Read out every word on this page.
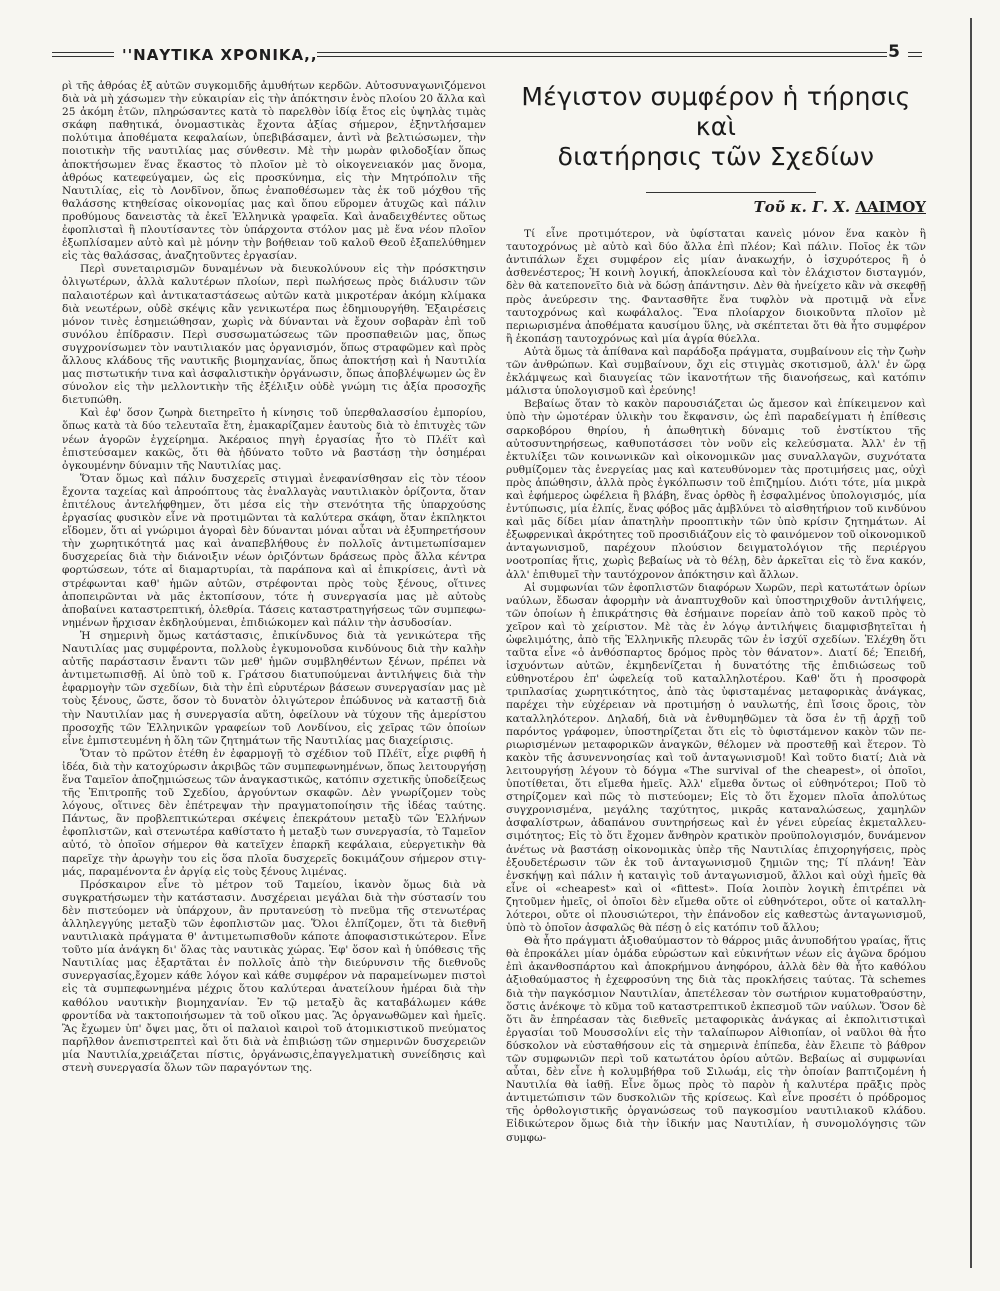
''ΝΑΥΤΙΚΑ ΧΡΟΝΙΚΑ,,	5

ρὶ τῆς ἀθρόας ἐξ αὐτῶν συγκομιδῆς ἀμυθήτων κερδῶν. Αὐτοσυναγωνιζόμενοι διὰ νὰ μὴ χάσωμεν τὴν εὐκαιρίαν εἰς τὴν ἀπόκτησιν ἑνὸς πλοίου 20 ἄλλα καὶ 25 ἀκόμη ἐτῶν, πληρώσαντες κατὰ τὸ παρελθὸν ἰδίᾳ ἔτος εἰς ὑψηλὰς τιμὰς σκάφη παθητικά, ὀνομαστικὰς ἔχοντα ἀξίας σήμερον, ἐξηντλήσαμεν πολύτιμα ἀποθέματα κεφαλαίων, ὑπεβιβάσαμεν, ἀντὶ νὰ βελτιώσωμεν, τὴν ποιοτικὴν τῆς ναυτιλίας μας σύνθεσιν. Μὲ τὴν μωρὰν φιλοδοξίαν ὅπως ἀποκτήσωμεν ἕνας ἕκαστος τὸ πλοῖον μὲ τὸ οἰκογενειακόν μας ὄνομα, ἀθρόως κατεφεύγαμεν, ὡς εἰς προσκύνημα, εἰς τὴν Μητρόπολιν τῆς Ναυτιλίας, εἰς τὸ Λονδῖνον, ὅπως ἐναποθέσωμεν τὰς ἐκ τοῦ μόχθου τῆς θαλάσσης κτηθείσας οἰκονομίας μας καὶ ὅπου εὕρομεν ἀτυχῶς καὶ πάλιν προθύμους δανειστὰς τὰ ἐκεῖ Ἑλληνικὰ γραφεῖα. Καὶ ἀναδειχθέντες οὕτως ἐφοπλισταὶ ἢ πλουτίσαντες τὸν ὑπάρχοντα στόλον μας μὲ ἕνα νέον πλοῖον ἐξωπλίσαμεν αὐτὸ καὶ μὲ μόνην τὴν βοήθειαν τοῦ καλοῦ Θεοῦ ἐξαπελύθημεν εἰς τὰς θαλάσσας, ἀναζητοῦντες ἐργασίαν.

Περὶ συνεταιρισμῶν δυναμένων νὰ διευκολύνουν εἰς τὴν πρόσκτησιν ὀλιγωτέρων, ἀλλὰ καλυτέρων πλοίων, περὶ πωλήσεως πρὸς διάλυσιν τῶν παλαιοτέρων καὶ ἀντικαταστάσεως αὐτῶν κατὰ μικροτέραν ἀκόμη κλίμακα διὰ νεωτέρων, οὐδὲ σκέψις κἂν γενικωτέρα πως ἐδημιουργήθη. Ἐξαιρέσεις μόνον τινὲς ἐσημειώθησαν, χωρὶς νὰ δύνανται νὰ ἔχουν σοβαρὰν ἐπὶ τοῦ συνόλου ἐπίδρασιν. Περὶ συσσωματώσεως τῶν προσπαθειῶν μας, ὅπως συγχρονίσωμεν τὸν ναυτιλιακόν μας ὀργανισμόν, ὅπως στραφῶμεν καὶ πρὸς ἄλλους κλάδους τῆς ναυτικῆς βιομηχανίας, ὅπως ἀποκτήσῃ καὶ ἡ Ναυτιλία μας πιστωτικήν τινα καὶ ἀσφαλιστικὴν ὀργάνωσιν, ὅπως ἀποβλέψωμεν ὡς ἓν σύνολον εἰς τὴν μελλοντικὴν τῆς ἐξέλιξιν οὐδὲ γνώμη τις ἀξία προσοχῆς διετυπώθη.

Καὶ ἐφ' ὅσον ζωηρὰ διετηρεῖτο ἡ κίνησις τοῦ ὑπερθαλασσίου ἐμπορίου, ὅπως κατὰ τὰ δύο τελευταῖα ἔτη, ἐμακαρίζαμεν ἑαυτοὺς διὰ τὸ ἐπιτυχὲς τῶν νέων ἀγορῶν ἐγχείρημα. Ἀκέραιος πηγὴ ἐργασίας ἦτο τὸ Πλέϊτ καὶ ἐπιστεύσαμεν κακῶς, ὅτι θὰ ἠδύνατο τοῦτο νὰ βαστάσῃ τὴν ὁσημέραι ὀγκουμένην δύναμιν τῆς Ναυτιλίας μας.

Ὅταν ὅμως καὶ πάλιν δυσχερεῖς στιγμαὶ ἐνεφανίσθησαν εἰς τὸν τέοον ἔχοντα ταχείας καὶ ἀπροόπτους τὰς ἐναλλαγὰς ναυτιλιακὸν ὁρίζοντα, ὅταν ἐπιτέλους ἀντελήφθημεν, ὅτι μέσα εἰς τὴν στενότητα τῆς ὑπαρχούσης ἐργασίας φυσικὸν εἶνε νὰ προτιμῶνται τὰ καλύτερα σκάφη, ὅταν ἐκπληκτοι εἴδομεν, ὅτι αἱ γνώριμοι ἀγοραὶ δὲν δύνανται μόναι αὗται νὰ ἐξυπηρετήσουν τὴν χωρητικότητά μας καὶ ἀναπεβλήθους ἐν πολλοῖς ἀντιμετωπίσαμεν δυσχερείας διὰ τὴν διάνοιξιν νέων ὁριζόντων δράσεως πρὸς ἄλλα κέντρα φορτώσεων, τότε αἱ διαμαρτυρίαι, τὰ παράπονα καὶ αἱ ἐπικρίσεις, ἀντὶ νὰ στρέφωνται καθ' ἡμῶν αὐτῶν, στρέφονται πρὸς τοὺς ξένους, οἵτινες ἀποπειρῶνται νὰ μᾶς ἐκτοπίσουν, τότε ἡ συνεργασία μας μὲ αὐτοὺς ἀποβαίνει καταστρεπτική, ὀλεθρία. Τάσεις καταστρατηγήσεως τῶν συμπεφωνημένων ἤρχισαν ἐκδηλούμεναι, ἐπιδιώκομεν καὶ πάλιν τὴν ἀσυδοσίαν.

Ἡ σημερινὴ ὅμως κατάστασις, ἐπικίνδυνος διὰ τὰ γενικώτερα τῆς Ναυτιλίας μας συμφέροντα, πολλοὺς ἐγκυμονοῦσα κινδύνους διὰ τὴν καλὴν αὐτῆς παράστασιν ἔναντι τῶν μεθ' ἡμῶν συμβληθέντων ξένων, πρέπει νὰ ἀντιμετωπισθῇ. Αἱ ὑπὸ τοῦ κ. Γράτσου διατυπούμεναι ἀντιλήψεις διὰ τὴν ἐφαρμογὴν τῶν σχεδίων, διὰ τὴν ἐπὶ εὐρυτέρων βάσεων συνεργασίαν μας μὲ τοὺς ξένους, ὥστε, ὅσον τὸ δυνατὸν ὀλιγώτερον ἐπώδυνος νὰ καταστῇ διὰ τὴν Ναυτιλίαν μας ἡ συνεργασία αὕτη, ὀφείλουν νὰ τύχουν τῆς ἀμερίστου προσοχῆς τῶν Ἑλληνικῶν γραφείων τοῦ Λονδίνου, εἰς χεῖρας τῶν ὁποίων εἶνε ἐμπιστευμένη ἡ ὅλη τῶν ζητημάτων τῆς Ναυτιλίας μας διαχείρισις.

Ὅταν τὸ πρῶτον ἐτέθη ἐν ἐφαρμογῇ τὸ σχέδιον τοῦ Πλέϊτ, εἶχε ριφθῆ ἡ ἰδέα, διὰ τὴν κατοχύρωσιν ἀκριβῶς τῶν συμπεφωνημένων, ὅπως λειτουργήσῃ ἕνα Ταμεῖον ἀποζημιώσεως τῶν ἀναγκαστικῶς, κατόπιν σχετικῆς ὑποδείξεως τῆς Ἐπιτροπῆς τοῦ Σχεδίου, ἀργούντων σκαφῶν. Δὲν γνωρίζομεν τοὺς λόγους, οἵτινες δὲν ἐπέτρεψαν τὴν πραγματοποίησιν τῆς ἰδέας ταύτης. Πάντως, ἂν προβλεπτικώτεραι σκέψεις ἐπεκράτουν μεταξὺ τῶν Ἑλλήνων ἐφοπλιστῶν, καὶ στενωτέρα καθίστατο ἡ μεταξὺ των συνεργασία, τὸ Ταμεῖον αὐτό, τὸ ὁποῖον σήμερον θὰ κατεῖχεν ἐπαρκῆ κεφάλαια, εὐεργετικὴν θὰ παρεῖχε τὴν ἀρωγὴν του εἰς ὅσα πλοῖα δυσχερεῖς δοκιμάζουν σήμερον στιγμάς, παραμένοντα ἐν ἀργίᾳ εἰς τοὺς ξένους λιμένας.

Πρόσκαιρον εἶνε τὸ μέτρον τοῦ Ταμείου, ἱκανὸν ὅμως διὰ νὰ συγκρατήσωμεν τὴν κατάστασιν. Δυσχέρειαι μεγάλαι διὰ τὴν σύστασίν του δὲν πιστεύομεν νὰ ὑπάρχουν, ἂν πρυτανεύσῃ τὸ πνεῦμα τῆς στενωτέρας ἀλληλεγγύης μεταξὺ τῶν ἐφοπλιστῶν μας. Ὅλοι ἐλπίζομεν, ὅτι τὰ διεθνῆ ναυτιλιακὰ πράγματα θ' ἀντιμετωπισθοῦν κάποτε ἀποφασιστικώτερον. Εἶνε τοῦτο μία ἀνάγκη δι' ὅλας τὰς ναυτικὰς χώρας. Ἐφ' ὅσον καὶ ἡ ὑπόθεσις τῆς Ναυτιλίας μας ἐξαρτᾶται ἐν πολλοῖς ἀπὸ τὴν διεύρυνσιν τῆς διεθνοῦς συνεργασίας,ἔχομεν κάθε λόγον καὶ κάθε συμφέρον νὰ παραμείνωμεν πιστοὶ εἰς τὰ συμπεφωνημένα μέχρις ὅτου καλύτεραι ἀνατείλουν ἡμέραι διὰ τὴν καθόλου ναυτικὴν βιομηχανίαν. Ἐν τῷ μεταξὺ ἂς καταβάλωμεν κάθε φροντίδα νὰ τακτοποιήσωμεν τὰ τοῦ οἴκου μας. Ἂς ὀργανωθῶμεν καὶ ἡμεῖς. Ἂς ἔχωμεν ὑπ' ὄψει μας, ὅτι οἱ παλαιοὶ καιροὶ τοῦ ἀτομικιστικοῦ πνεύματος παρῆλθον ἀνεπιστρεπτεὶ καὶ ὅτι διὰ νὰ ἐπιβιώσῃ τῶν σημερινῶν δυσχερειῶν μία Ναυτιλία,χρειάζεται πίστις, ὀργάνωσις,ἐπαγγελματικὴ συνείδησις καὶ στενὴ συνεργασία ὅλων τῶν παραγόντων της.

Μέγιστον συμφέρον ἡ τήρησις καὶ
διατήρησις τῶν Σχεδίων
Τοῦ κ. Γ. Χ. ΛΑΙΜΟΥ

Τί εἶνε προτιμότερον, νὰ ὑφίσταται κανεὶς μόνον ἕνα κακὸν ἢ ταυτοχρόνως μὲ αὐτὸ καὶ δύο ἄλλα ἐπὶ πλέον; Καὶ πάλιν. Ποῖος ἐκ τῶν ἀντιπάλων ἔχει συμφέρον εἰς μίαν ἀνακωχήν, ὁ ἰσχυρότερος ἢ ὁ ἀσθενέστερος; Ἡ κοινὴ λογική, ἀποκλείουσα καὶ τὸν ἐλάχιστον δισταγμόν, δὲν θὰ κατεπονεῖτο διὰ νὰ δώσῃ ἀπάντησιν. Δὲν θὰ ἠνείχετο κἂν νὰ σκεφθῇ πρὸς ἀνεύρεσιν της. Φαντασθῆτε ἕνα τυφλὸν νὰ προτιμᾷ νὰ εἶνε ταυτοχρόνως καὶ κωφάλαλος. Ἕνα πλοίαρχον διοικοῦντα πλοῖον μὲ περιωρισμένα ἀποθέματα καυσίμου ὕλης, νὰ σκέπτεται ὅτι θὰ ἦτο συμφέρον ἢ ἐκοπάσῃ ταυτοχρόνως καὶ μία ἀγρία θύελλα.

Αὐτὰ ὅμως τὰ ἀπίθανα καὶ παράδοξα πράγματα, συμβαίνουν εἰς τὴν ζωὴν τῶν ἀνθρώπων. Καὶ συμβαίνουν, ὄχι εἰς στιγμὰς σκοτισμοῦ, ἀλλ' ἐν ὥρᾳ ἐκλάμψεως καὶ διαυγείας τῶν ἱκανοτήτων τῆς διανοήσεως, καὶ κατόπιν μάλιστα ὑπολογισμοῦ καὶ ἐρεύνης!

Βεβαίως ὅταν τὸ κακὸν παρουσιάζεται ὡς ἄμεσον καὶ ἐπίκειμενον καὶ ὑπὸ τὴν ὠμοτέραν ὑλικὴν του ἔκφανσιν, ὡς ἐπὶ παραδείγματι ἡ ἐπίθεσις σαρκοβόρου θηρίου, ἡ ἀπωθητικὴ δύναμις τοῦ ἐνστίκτου τῆς αὐτοσυντηρήσεως, καθυποτάσσει τὸν νοῦν εἰς κελεύσματα. Ἀλλ' ἐν τῇ ἐκτυλίξει τῶν κοινωνικῶν καὶ οἰκονομικῶν μας συναλλαγῶν, συχνότατα ρυθμίζομεν τὰς ἐνεργείας μας καὶ κατευθύνομεν τὰς προτιμήσεις μας, οὐχὶ πρὸς ἀπώθησιν, ἀλλὰ πρὸς ἐγκόλπωσιν τοῦ ἐπιζημίου. Διότι τότε, μία μικρὰ καὶ ἐφήμερος ὠφέλεια ἢ βλάβη, ἕνας ὀρθὸς ἢ ἐσφαλμένος ὑπολογισμός, μία ἐντύπωσις, μία ἐλπίς, ἕνας φόβος μᾶς ἀμβλύνει τὸ αἰσθητήριον τοῦ κινδύνου καὶ μᾶς δίδει μίαν ἀπατηλὴν προοπτικὴν τῶν ὑπὸ κρίσιν ζητημάτων. Αἱ ἐξωφρενικαὶ ἀκρότητες τοῦ προσιδιάζουν εἰς τὸ φαινόμενον τοῦ οἰκονομικοῦ ἀνταγωνισμοῦ, παρέχουν πλούσιον δειγματολόγιον τῆς περιέργου νοοτροπίας ἥτις, χωρὶς βεβαίως νὰ τὸ θέλῃ, δὲν ἀρκεῖται εἰς τὸ ἕνα κακόν, ἀλλ' ἐπιθυμεῖ τὴν ταυτόχρονον ἀπόκτησιν καὶ ἄλλων.

Αἱ συμφωνίαι τῶν ἐφοπλιστῶν διαφόρων Χωρῶν, περὶ κατωτάτων ὁρίων ναύλων, ἔδωσαν ἀφορμὴν νὰ ἀναπτυχθοῦν καὶ ὑποστηριχθοῦν ἀντιλήψεις, τῶν ὁποίων ἡ ἐπικράτησις θὰ ἐσήμαινε πορείαν ἀπὸ τοῦ κακοῦ πρὸς τὸ χεῖρον καὶ τὸ χείριστον. Μὲ τὰς ἐν λόγῳ ἀντιλήψεις διαμφισβητεῖται ἡ ὠφελιμότης, ἀπὸ τῆς Ἑλληνικῆς πλευρᾶς τῶν ἐν ἰσχύϊ σχεδίων. Ἐλέχθη ὅτι ταῦτα εἶνε «ὁ ἀνθόσπαρτος δρόμος πρὸς τὸν θάνατον». Διατί δέ; Ἐπειδή, ἰσχυόντων αὐτῶν, ἐκμηδενίζεται ἡ δυνατότης τῆς ἐπιδιώσεως τοῦ εὐθηνοτέρου ἐπ' ὠφελείᾳ τοῦ καταλληλοτέρου. Καθ' ὅτι ἡ προσφορὰ τριπλασίας χωρητικότητος, ἀπὸ τὰς ὑφισταμένας μεταφορικὰς ἀνάγκας, παρέχει τὴν εὐχέρειαν νὰ προτιμήσῃ ὁ ναυλωτής, ἐπὶ ἴσοις ὅροις, τὸν καταλληλότερον. Δηλαδή, διὰ νὰ ἐνθυμηθῶμεν τὰ ὅσα ἐν τῇ ἀρχῇ τοῦ παρόντος γράφομεν, ὑποστηρίζεται ὅτι εἰς τὸ ὑφιστάμενον κακὸν τῶν περιωρισμένων μεταφορικῶν ἀναγκῶν, θέλομεν νὰ προστεθῇ καὶ ἕτερον. Τὸ κακὸν τῆς ἀσυνεννοησίας καὶ τοῦ ἀνταγωνισμοῦ! Καὶ τοῦτο διατί; Διὰ νὰ λειτουργήσῃ λέγουν τὸ δόγμα «The survival of the cheapest», οἱ ὁποῖοι, ὑποτίθεται, ὅτι εἴμεθα ἡμεῖς. Ἀλλ' εἴμεθα ὄντως οἱ εὐθηνότεροι; Ποῦ τὸ στηρίζομεν καὶ πῶς τὸ πιστεύομεν; Εἰς τὸ ὅτι ἔχομεν πλοῖα ἀπολύτως συγχρονισμένα, μεγάλης ταχύτητος, μικρᾶς καταναλώσεως, χαμηλῶν ἀσφαλίστρων, ἀδαπάνου συντηρήσεως καὶ ἐν γένει εὐρείας ἐκμεταλλευσιμότητος; Εἰς τὸ ὅτι ἔχομεν ἄνθηρὸν κρατικὸν προϋπολογισμόν, δυνάμενον ἀνέτως νὰ βαστάσῃ οἰκονομικὰς ὑπὲρ τῆς Ναυτιλίας ἐπιχορηγήσεις, πρὸς ἐξουδετέρωσιν τῶν ἐκ τοῦ ἀνταγωνισμοῦ ζημιῶν της; Τί πλάνη! Ἐὰν ἐνσκήψῃ καὶ πάλιν ἡ καταιγὶς τοῦ ἀνταγωνισμοῦ, ἄλλοι καὶ οὐχὶ ἡμεῖς θὰ εἶνε οἱ «cheapest» καὶ οἱ «fittest». Ποία λοιπὸν λογικὴ ἐπιτρέπει νὰ ζητοῦμεν ἡμεῖς, οἱ ὁποῖοι δὲν εἴμεθα οὔτε οἱ εὐθηνότεροι, οὔτε οἱ καταλληλότεροι, οὔτε οἱ πλουσιώτεροι, τὴν ἐπάνοδον εἰς καθεστὼς ἀνταγωνισμοῦ, ὑπὸ τὸ ὁποῖον ἀσφαλῶς θὰ πέσῃ ὁ εἰς κατόπιν τοῦ ἄλλου;

Θὰ ἦτο πράγματι ἀξιοθαύμαστον τὸ θάρρος μιᾶς ἀνυποδήτου γραίας, ἥτις θὰ ἐπροκάλει μίαν ὁμάδα εὐρώστων καὶ εὐκινήτων νέων εἰς ἀγῶνα δρόμου ἐπὶ ἀκανθοσπάρτου καὶ ἀποκρήμνου ἀνηφόρου, ἀλλὰ δὲν θὰ ἦτο καθόλου ἀξιοθαύμαστος ἡ ἐχεφροσύνη της διὰ τὰς προκλήσεις ταύτας. Τὰ schemes διὰ τὴν παγκόσμιον Ναυτιλίαν, ἀπετέλεσαν τὸν σωτήριον κυματοθραύστην, ὅστις ἀνέκοψε τὸ κῦμα τοῦ καταστρεπτικοῦ ἐκπεσμοῦ τῶν ναύλων. Ὅσον δὲ ὅτι ἂν ἐπηρέασαν τὰς διεθνεῖς μεταφορικὰς ἀνάγκας αἱ ἐκπολιτιστικαὶ ἐργασίαι τοῦ Μουσσολίνι εἰς τὴν ταλαίπωρον Αἰθιοπίαν, οἱ ναῦλοι θὰ ἦτο δύσκολον νὰ εὐσταθήσουν εἰς τὰ σημερινὰ ἐπίπεδα, ἐὰν ἔλειπε τὸ βάθρον τῶν συμφωνιῶν περὶ τοῦ κατωτάτου ὁρίου αὐτῶν. Βεβαίως αἱ συμφωνίαι αὗται, δὲν εἶνε ἡ κολυμβήθρα τοῦ Σιλωάμ, εἰς τὴν ὁποίαν βαπτιζομένη ἡ Ναυτιλία θὰ ἰαθῇ. Εἶνε ὅμως πρὸς τὸ παρὸν ἡ καλυτέρα πρᾶξις πρὸς ἀντιμετώπισιν τῶν δυσκολιῶν τῆς κρίσεως. Καὶ εἶνε προσέτι ὁ πρόδρομος τῆς ὀρθολογιστικῆς ὀργανώσεως τοῦ παγκοσμίου ναυτιλιακοῦ κλάδου. Εἰδικώτερον ὅμως διὰ τὴν ἰδικήν μας Ναυτιλίαν, ἡ συνομολόγησις τῶν συμφω-
